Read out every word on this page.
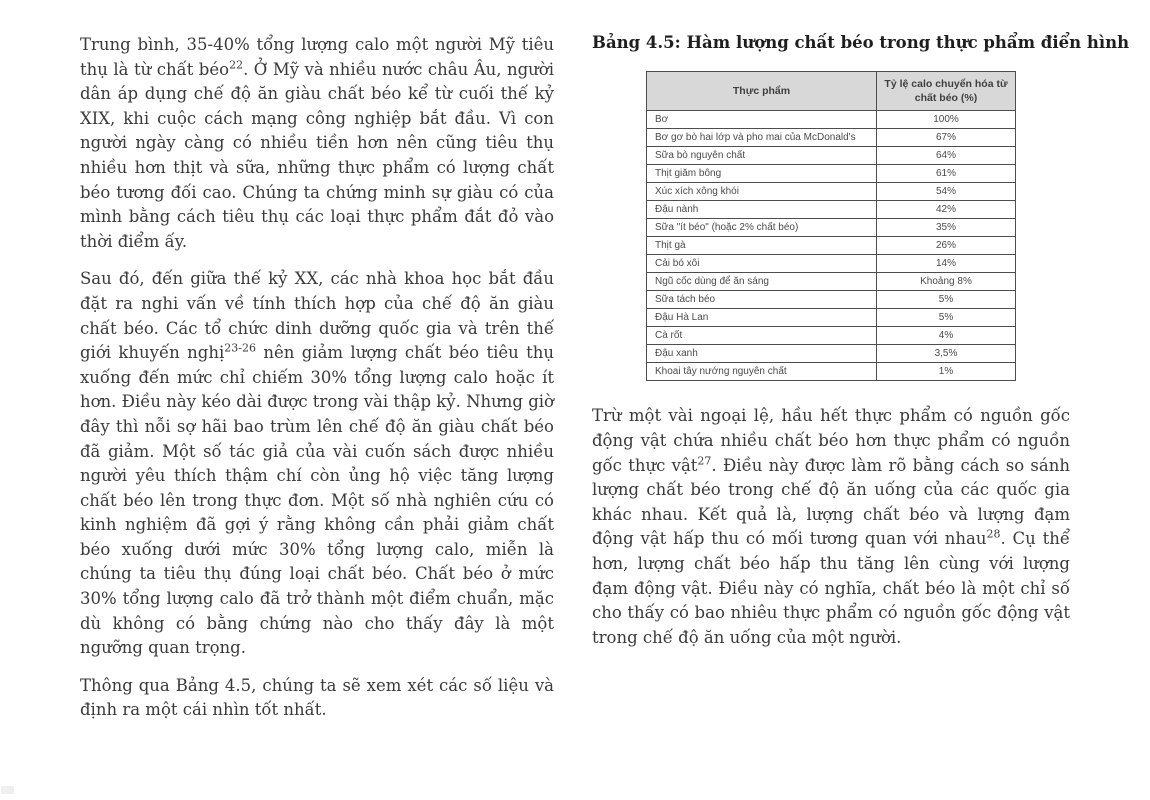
Trung bình, 35-40% tổng lượng calo một người Mỹ tiêu thụ là từ chất béo$^{22}$. Ở Mỹ và nhiều nước châu Âu, người dân áp dụng chế độ ăn giàu chất béo kể từ cuối thế kỷ XIX, khi cuộc cách mạng công nghiệp bắt đầu. Vì con người ngày càng có nhiều tiền hơn nên cũng tiêu thụ nhiều hơn thịt và sữa, những thực phẩm có lượng chất béo tương đối cao. Chúng ta chứng minh sự giàu có của mình bằng cách tiêu thụ các loại thực phẩm đắt đỏ vào thời điểm ấy.

Sau đó, đến giữa thế kỷ XX, các nhà khoa học bắt đầu đặt ra nghi vấn về tính thích hợp của chế độ ăn giàu chất béo. Các tổ chức dinh dưỡng quốc gia và trên thế giới khuyến nghị$^{23-26}$ nên giảm lượng chất béo tiêu thụ xuống đến mức chỉ chiếm 30% tổng lượng calo hoặc ít hơn. Điều này kéo dài được trong vài thập kỷ. Nhưng giờ đây thì nỗi sợ hãi bao trùm lên chế độ ăn giàu chất béo đã giảm. Một số tác giả của vài cuốn sách được nhiều người yêu thích thậm chí còn ủng hộ việc tăng lượng chất béo lên trong thực đơn. Một số nhà nghiên cứu có kinh nghiệm đã gợi ý rằng không cần phải giảm chất béo xuống dưới mức 30% tổng lượng calo, miễn là chúng ta tiêu thụ đúng loại chất béo. Chất béo ở mức 30% tổng lượng calo đã trở thành một điểm chuẩn, mặc dù không có bằng chứng nào cho thấy đây là một ngưỡng quan trọng.

Thông qua Bảng 4.5, chúng ta sẽ xem xét các số liệu và định ra một cái nhìn tốt nhất.

Bảng 4.5: Hàm lượng chất béo trong thực phẩm điển hình
Thực phẩm	Tỷ lệ calo chuyển hóa từ chất béo (%)
Bơ	100%
Bơ gơ bò hai lớp và pho mai của McDonald's	67%
Sữa bò nguyên chất	64%
Thịt giăm bông	61%
Xúc xích xông khói	54%
Đậu nành	42%
Sữa "ít béo" (hoặc 2% chất béo)	35%
Thịt gà	26%
Cải bó xôi	14%
Ngũ cốc dùng để ăn sáng	Khoảng 8%
Sữa tách béo	5%
Đậu Hà Lan	5%
Cà rốt	4%
Đậu xanh	3,5%
Khoai tây nướng nguyên chất	1%

Trừ một vài ngoại lệ, hầu hết thực phẩm có nguồn gốc động vật chứa nhiều chất béo hơn thực phẩm có nguồn gốc thực vật$^{27}$. Điều này được làm rõ bằng cách so sánh lượng chất béo trong chế độ ăn uống của các quốc gia khác nhau. Kết quả là, lượng chất béo và lượng đạm động vật hấp thu có mối tương quan với nhau$^{28}$. Cụ thể hơn, lượng chất béo hấp thu tăng lên cùng với lượng đạm động vật. Điều này có nghĩa, chất béo là một chỉ số cho thấy có bao nhiêu thực phẩm có nguồn gốc động vật trong chế độ ăn uống của một người.
